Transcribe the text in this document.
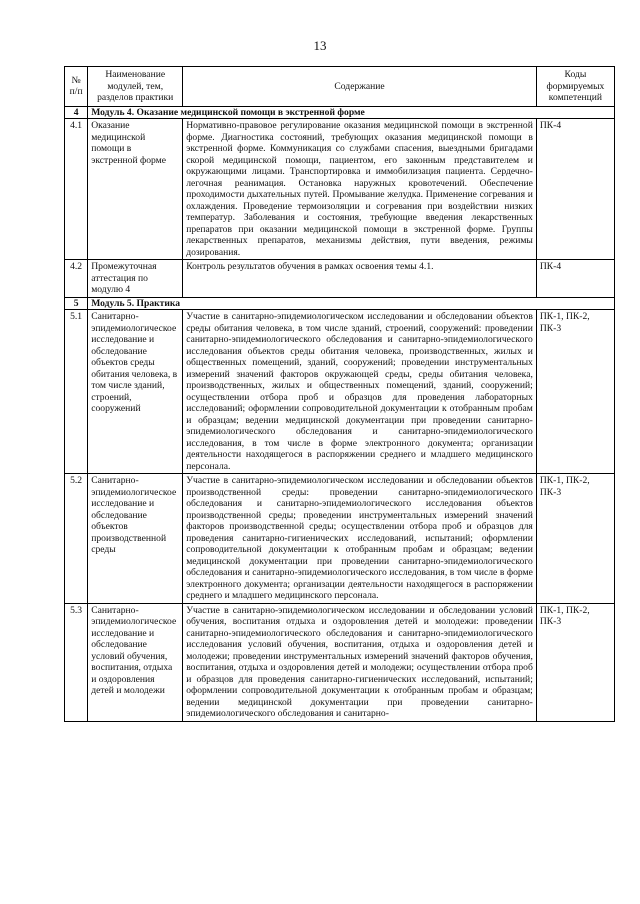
13
№ п/п	Наименование модулей, тем, разделов практики	Содержание	Коды формируемых компетенций
4	Модуль 4. Оказание медицинской помощи в экстренной форме		
4.1	Оказание медицинской помощи в экстренной форме	Нормативно-правовое регулирование оказания медицинской помощи в экстренной форме. Диагностика состояний, требующих оказания медицинской помощи в экстренной форме. Коммуникация со службами спасения, выездными бригадами скорой медицинской помощи, пациентом, его законным представителем и окружающими лицами. Транспортировка и иммобилизация пациента. Сердечно-легочная реанимация. Остановка наружных кровотечений. Обеспечение проходимости дыхательных путей. Промывание желудка. Применение согревания и охлаждения. Проведение термоизоляции и согревания при воздействии низких температур. Заболевания и состояния, требующие введения лекарственных препаратов при оказании медицинской помощи в экстренной форме. Группы лекарственных препаратов, механизмы действия, пути введения, режимы дозирования.	ПК-4
4.2	Промежуточная аттестация по модулю 4	Контроль результатов обучения в рамках освоения темы 4.1.	ПК-4
5	Модуль 5. Практика		
5.1	Санитарно-эпидемиологическое исследование и обследование объектов среды обитания человека, в том числе зданий, строений, сооружений	Участие в санитарно-эпидемиологическом исследовании и обследовании объектов среды обитания человека, в том числе зданий, строений, сооружений: проведении санитарно-эпидемиологического обследования и санитарно-эпидемиологического исследования объектов среды обитания человека, производственных, жилых и общественных помещений, зданий, сооружений; проведении инструментальных измерений значений факторов окружающей среды, среды обитания человека, производственных, жилых и общественных помещений, зданий, сооружений; осуществлении отбора проб и образцов для проведения лабораторных исследований; оформлении сопроводительной документации к отобранным пробам и образцам; ведении медицинской документации при проведении санитарно-эпидемиологического обследования и санитарно-эпидемиологического исследования, в том числе в форме электронного документа; организации деятельности находящегося в распоряжении среднего и младшего медицинского персонала.	ПК-1, ПК-2, ПК-3
5.2	Санитарно-эпидемиологическое исследование и обследование объектов производственной среды	Участие в санитарно-эпидемиологическом исследовании и обследовании объектов производственной среды: проведении санитарно-эпидемиологического обследования и санитарно-эпидемиологического исследования объектов производственной среды; проведении инструментальных измерений значений факторов производственной среды; осуществлении отбора проб и образцов для проведения санитарно-гигиенических исследований, испытаний; оформлении сопроводительной документации к отобранным пробам и образцам; ведении медицинской документации при проведении санитарно-эпидемиологического обследования и санитарно-эпидемиологического исследования, в том числе в форме электронного документа; организации деятельности находящегося в распоряжении среднего и младшего медицинского персонала.	ПК-1, ПК-2, ПК-3
5.3	Санитарно-эпидемиологическое исследование и обследование условий обучения, воспитания, отдыха и оздоровления детей и молодежи	Участие в санитарно-эпидемиологическом исследовании и обследовании условий обучения, воспитания отдыха и оздоровления детей и молодежи: проведении санитарно-эпидемиологического обследования и санитарно-эпидемиологического исследования условий обучения, воспитания, отдыха и оздоровления детей и молодежи; проведении инструментальных измерений значений факторов обучения, воспитания, отдыха и оздоровления детей и молодежи; осуществлении отбора проб и образцов для проведения санитарно-гигиенических исследований, испытаний; оформлении сопроводительной документации к отобранным пробам и образцам; ведении медицинской документации при проведении санитарно-эпидемиологического обследования и санитарно-	ПК-1, ПК-2, ПК-3
